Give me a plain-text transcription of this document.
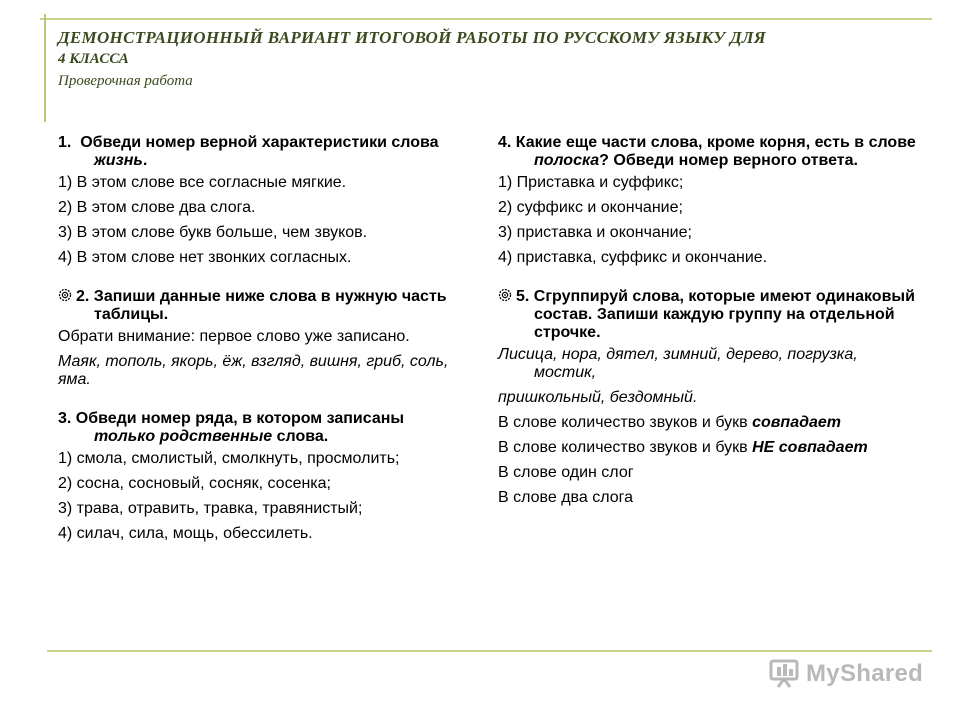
ДЕМОНСТРАЦИОННЫЙ ВАРИАНТ ИТОГОВОЙ РАБОТЫ ПО РУССКОМУ ЯЗЫКУ ДЛЯ
4 КЛАССА
Проверочная работа
1. Обведи номер верной характеристики слова жизнь.
1) В этом слове все согласные мягкие.
2) В этом слове два слога.
3) В этом слове букв больше, чем звуков.
4) В этом слове нет звонких согласных.
2. Запиши данные ниже слова в нужную часть таблицы.
Обрати внимание: первое слово уже записано.
Маяк, тополь, якорь, ёж, взгляд, вишня, гриб, соль, яма.
3. Обведи номер ряда, в котором записаны только родственные слова.
1) смола, смолистый, смолкнуть, просмолить;
2) сосна, сосновый, сосняк, сосенка;
3) трава, отравить, травка, травянистый;
4) силач, сила, мощь, обессилеть.
4. Какие еще части слова, кроме корня, есть в слове полоска? Обведи номер верного ответа.
1) Приставка и суффикс;
2) суффикс и окончание;
3) приставка и окончание;
4) приставка, суффикс и окончание.
5. Сгруппируй слова, которые имеют одинаковый состав. Запиши каждую группу на отдельной строчке.
Лисица, нора, дятел, зимний, дерево, погрузка, мостик,
пришкольный, бездомный.
В слове количество звуков и букв совпадает
В слове количество звуков и букв НЕ совпадает
В слове один слог
В слове два слога
MyShared
